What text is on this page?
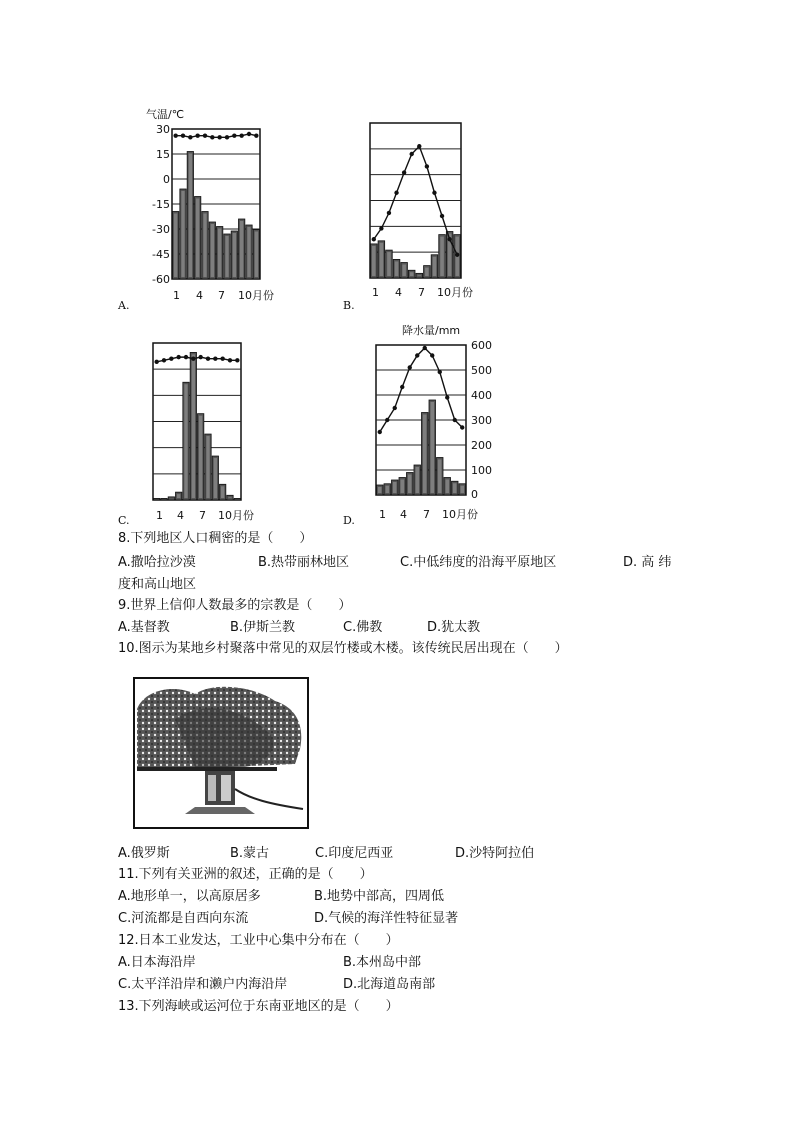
气温/℃
30
15
0
-15
-30
-45
-60
1 4 7 10月份
A.
1 4 7 10月份
B.
1 4 7 10月份
C.
降水量/mm
600
500
400
300
200
100
0
1 4 7 10月份
D.
8.下列地区人口稠密的是（　　）
A.撒哈拉沙漠	B.热带丽林地区	C.中低纬度的沿海平原地区	D. 高 纬
度和高山地区
9.世界上信仰人数最多的宗教是（　　）
A.基督教	B.伊斯兰教	C.佛教	D.犹太教
10.图示为某地乡村聚落中常见的双层竹楼或木楼。该传统民居出现在（　　）
A.俄罗斯	B.蒙古	C.印度尼西亚	D.沙特阿拉伯
11.下列有关亚洲的叙述，正确的是（　　）
A.地形单一，以高原居多	B.地势中部高，四周低
C.河流都是自西向东流	D.气候的海洋性特征显著
12.日本工业发达，工业中心集中分布在（　　）
A.日本海沿岸	B.本州岛中部
C.太平洋沿岸和濑户内海沿岸	D.北海道岛南部
13.下列海峡或运河位于东南亚地区的是（　　）
